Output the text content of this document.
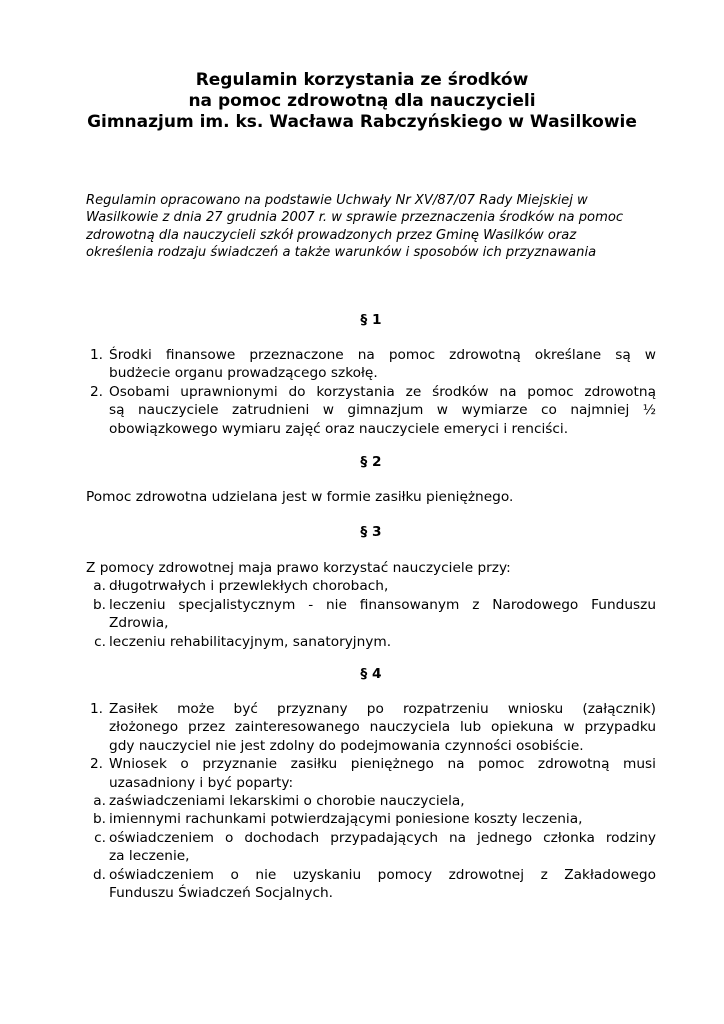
Regulamin korzystania ze środków
na pomoc zdrowotną dla nauczycieli
Gimnazjum im. ks. Wacława Rabczyńskiego w Wasilkowie
Regulamin opracowano na podstawie Uchwały Nr XV/87/07 Rady Miejskiej w
Wasilkowie z dnia 27 grudnia 2007 r. w sprawie przeznaczenia środków na pomoc
zdrowotną dla nauczycieli szkół prowadzonych przez Gminę Wasilków oraz
określenia rodzaju świadczeń a także warunków i sposobów ich przyznawania
§ 1
1. Środki finansowe przeznaczone na pomoc zdrowotną określane są w
budżecie organu prowadzącego szkołę.
2. Osobami uprawnionymi do korzystania ze środków na pomoc zdrowotną
są nauczyciele zatrudnieni w gimnazjum w wymiarze co najmniej ½
obowiązkowego wymiaru zajęć oraz nauczyciele emeryci i renciści.
§ 2
Pomoc zdrowotna udzielana jest w formie zasiłku pieniężnego.
§ 3
Z pomocy zdrowotnej maja prawo korzystać nauczyciele przy:
a. długotrwałych i przewlekłych chorobach,
b. leczeniu specjalistycznym - nie finansowanym z Narodowego Funduszu
Zdrowia,
c. leczeniu rehabilitacyjnym, sanatoryjnym.
§ 4
1. Zasiłek może być przyznany po rozpatrzeniu wniosku (załącznik)
złożonego przez zainteresowanego nauczyciela lub opiekuna w przypadku
gdy nauczyciel nie jest zdolny do podejmowania czynności osobiście.
2. Wniosek o przyznanie zasiłku pieniężnego na pomoc zdrowotną musi
uzasadniony i być poparty:
a. zaświadczeniami lekarskimi o chorobie nauczyciela,
b. imiennymi rachunkami potwierdzającymi poniesione koszty leczenia,
c. oświadczeniem o dochodach przypadających na jednego członka rodziny
za leczenie,
d. oświadczeniem o nie uzyskaniu pomocy zdrowotnej z Zakładowego
Funduszu Świadczeń Socjalnych.
